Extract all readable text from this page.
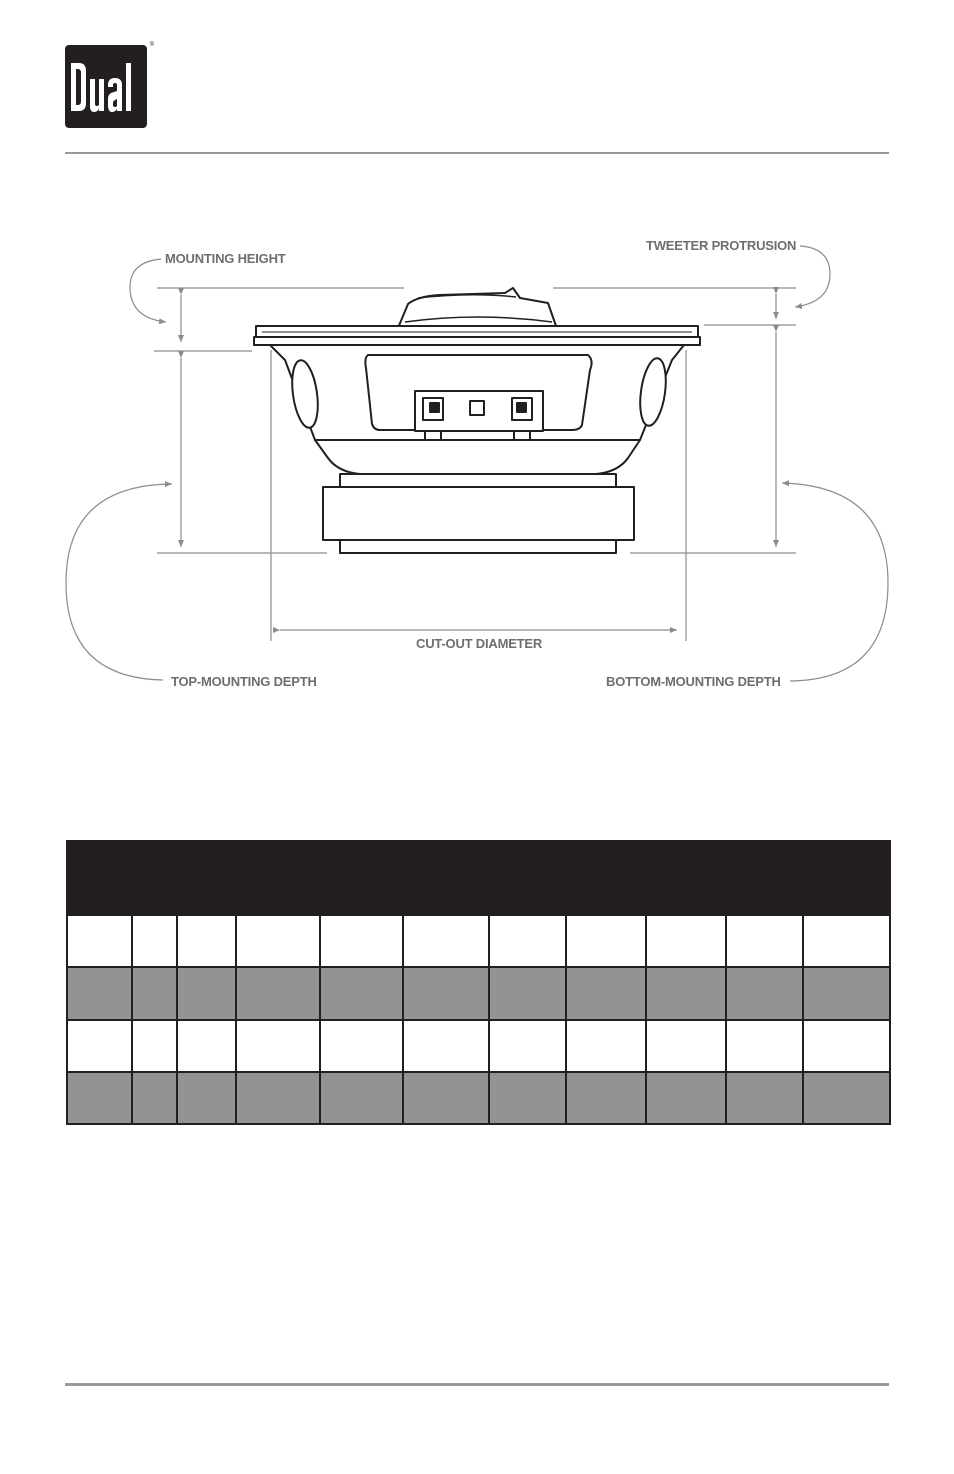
®
MOUNTING HEIGHT
TWEETER PROTRUSION
CUT-OUT DIAMETER
TOP-MOUNTING DEPTH	BOTTOM-MOUNTING DEPTH
